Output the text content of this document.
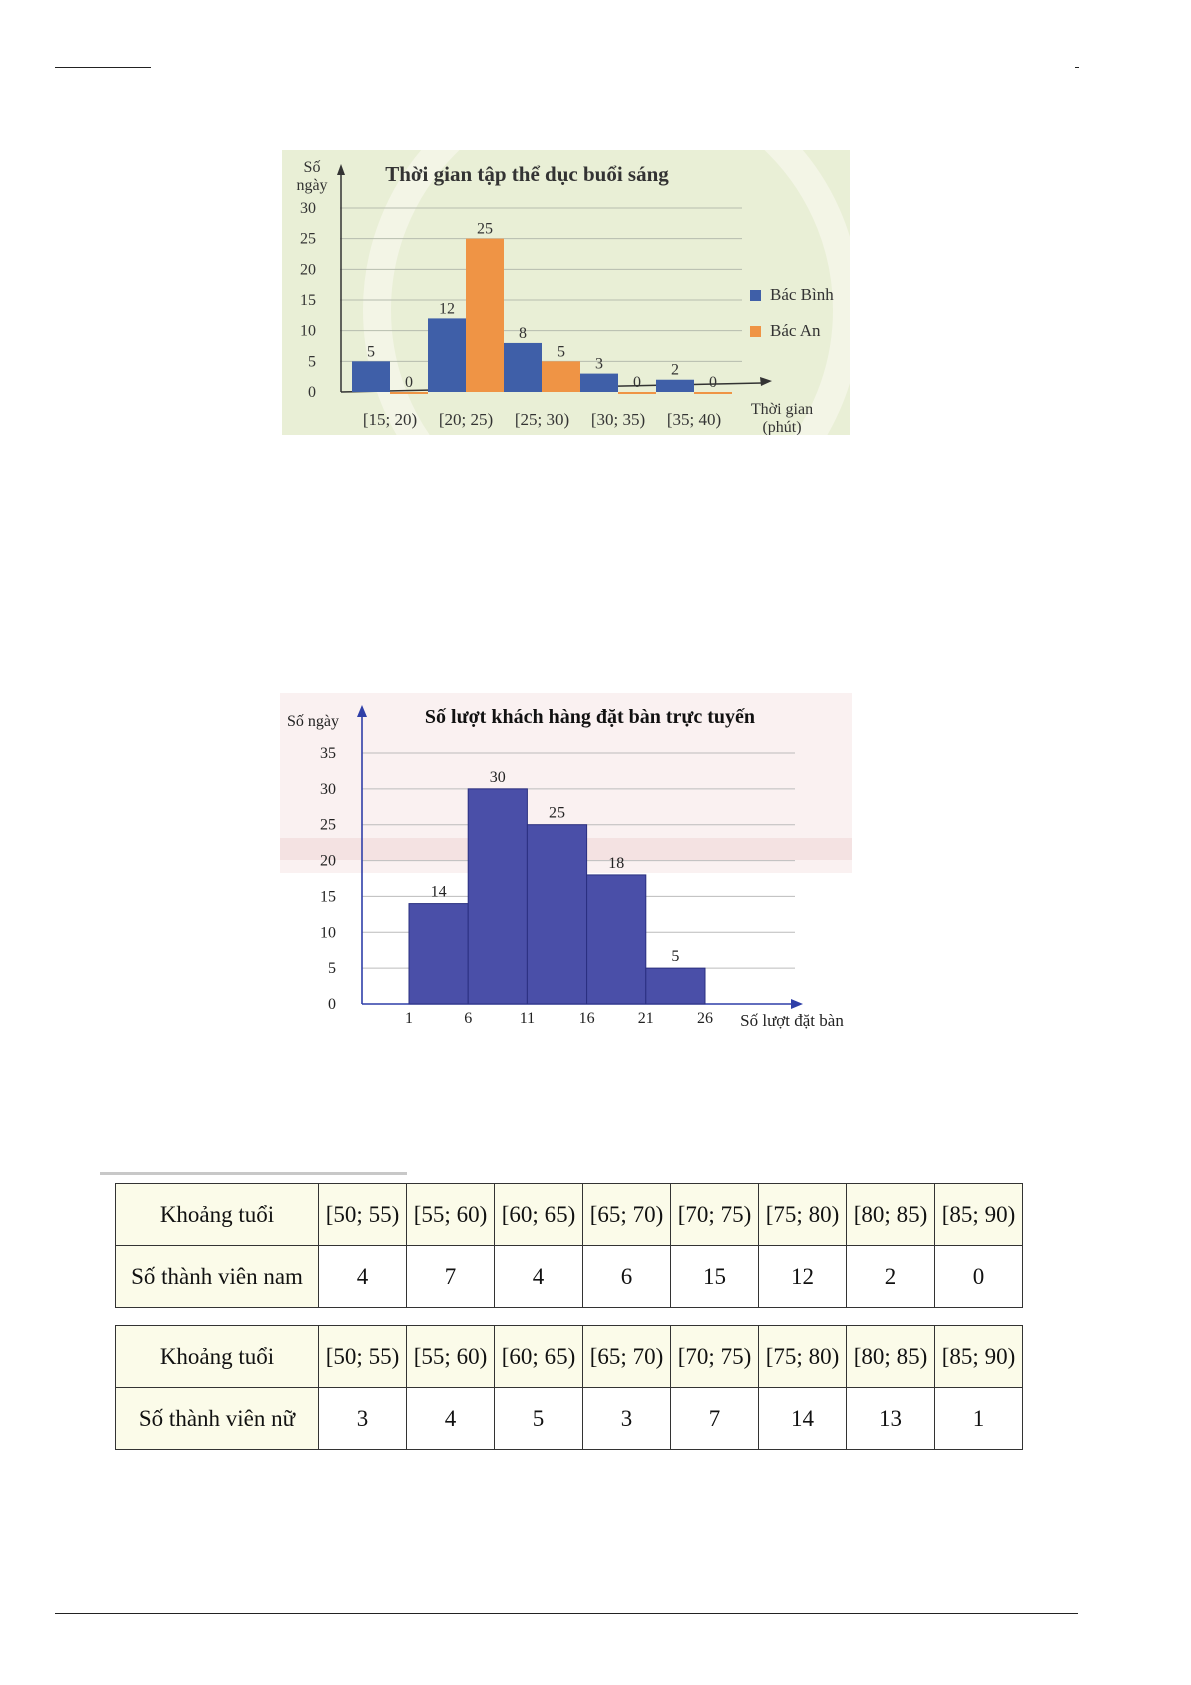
0
5
10
15
20
25
30
Số
ngày	Thời gian tập thể dục buổi sáng
5
0
[15; 20)
12
25
[20; 25)
8
5
[25; 30)
3
0
[30; 35)
2
0
[35; 40)
Thời gian
(phút)
Bác Bình
Bác An
0
5
10
15
20
25
30
35
Số ngày	Số lượt khách hàng đặt bàn trực tuyến
14
30
25
18
5
1	6	11	16	21	26 Số lượt đặt bàn
Khoảng tuổi	[50; 55)	[55; 60)	[60; 65)	[65; 70)	[70; 75)	[75; 80)	[80; 85)	[85; 90)
Số thành viên nam	4	7	4	6	15	12	2	0
Khoảng tuổi	[50; 55)	[55; 60)	[60; 65)	[65; 70)	[70; 75)	[75; 80)	[80; 85)	[85; 90)
Số thành viên nữ	3	4	5	3	7	14	13	1
